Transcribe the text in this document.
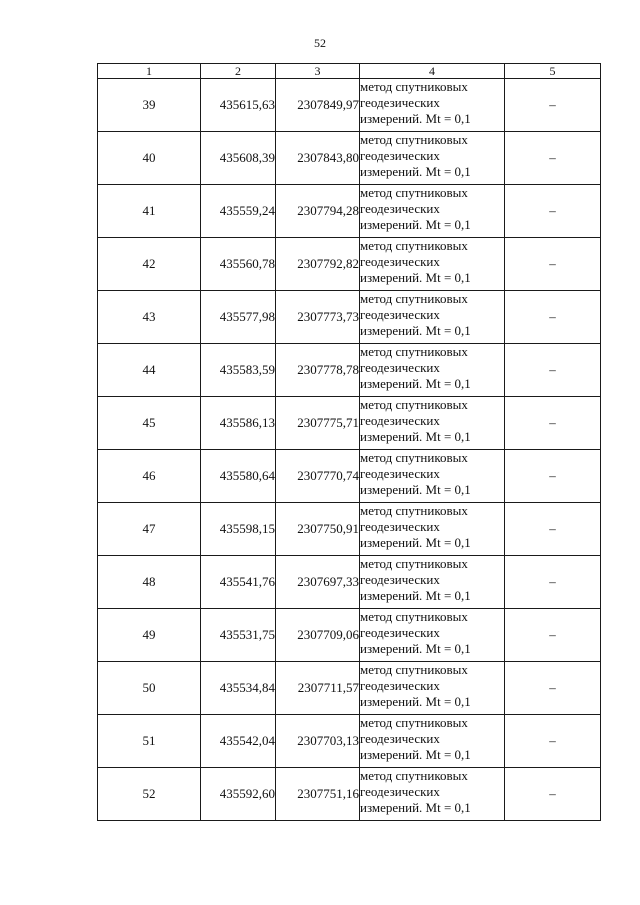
52
1	2	3	4	5
39	435615,63	2307849,97	метод спутниковых
геодезических
измерений. Mt = 0,1	–
40	435608,39	2307843,80	метод спутниковых
геодезических
измерений. Mt = 0,1	–
41	435559,24	2307794,28	метод спутниковых
геодезических
измерений. Mt = 0,1	–
42	435560,78	2307792,82	метод спутниковых
геодезических
измерений. Mt = 0,1	–
43	435577,98	2307773,73	метод спутниковых
геодезических
измерений. Mt = 0,1	–
44	435583,59	2307778,78	метод спутниковых
геодезических
измерений. Mt = 0,1	–
45	435586,13	2307775,71	метод спутниковых
геодезических
измерений. Mt = 0,1	–
46	435580,64	2307770,74	метод спутниковых
геодезических
измерений. Mt = 0,1	–
47	435598,15	2307750,91	метод спутниковых
геодезических
измерений. Mt = 0,1	–
48	435541,76	2307697,33	метод спутниковых
геодезических
измерений. Mt = 0,1	–
49	435531,75	2307709,06	метод спутниковых
геодезических
измерений. Mt = 0,1	–
50	435534,84	2307711,57	метод спутниковых
геодезических
измерений. Mt = 0,1	–
51	435542,04	2307703,13	метод спутниковых
геодезических
измерений. Mt = 0,1	–
52	435592,60	2307751,16	метод спутниковых
геодезических
измерений. Mt = 0,1	–
